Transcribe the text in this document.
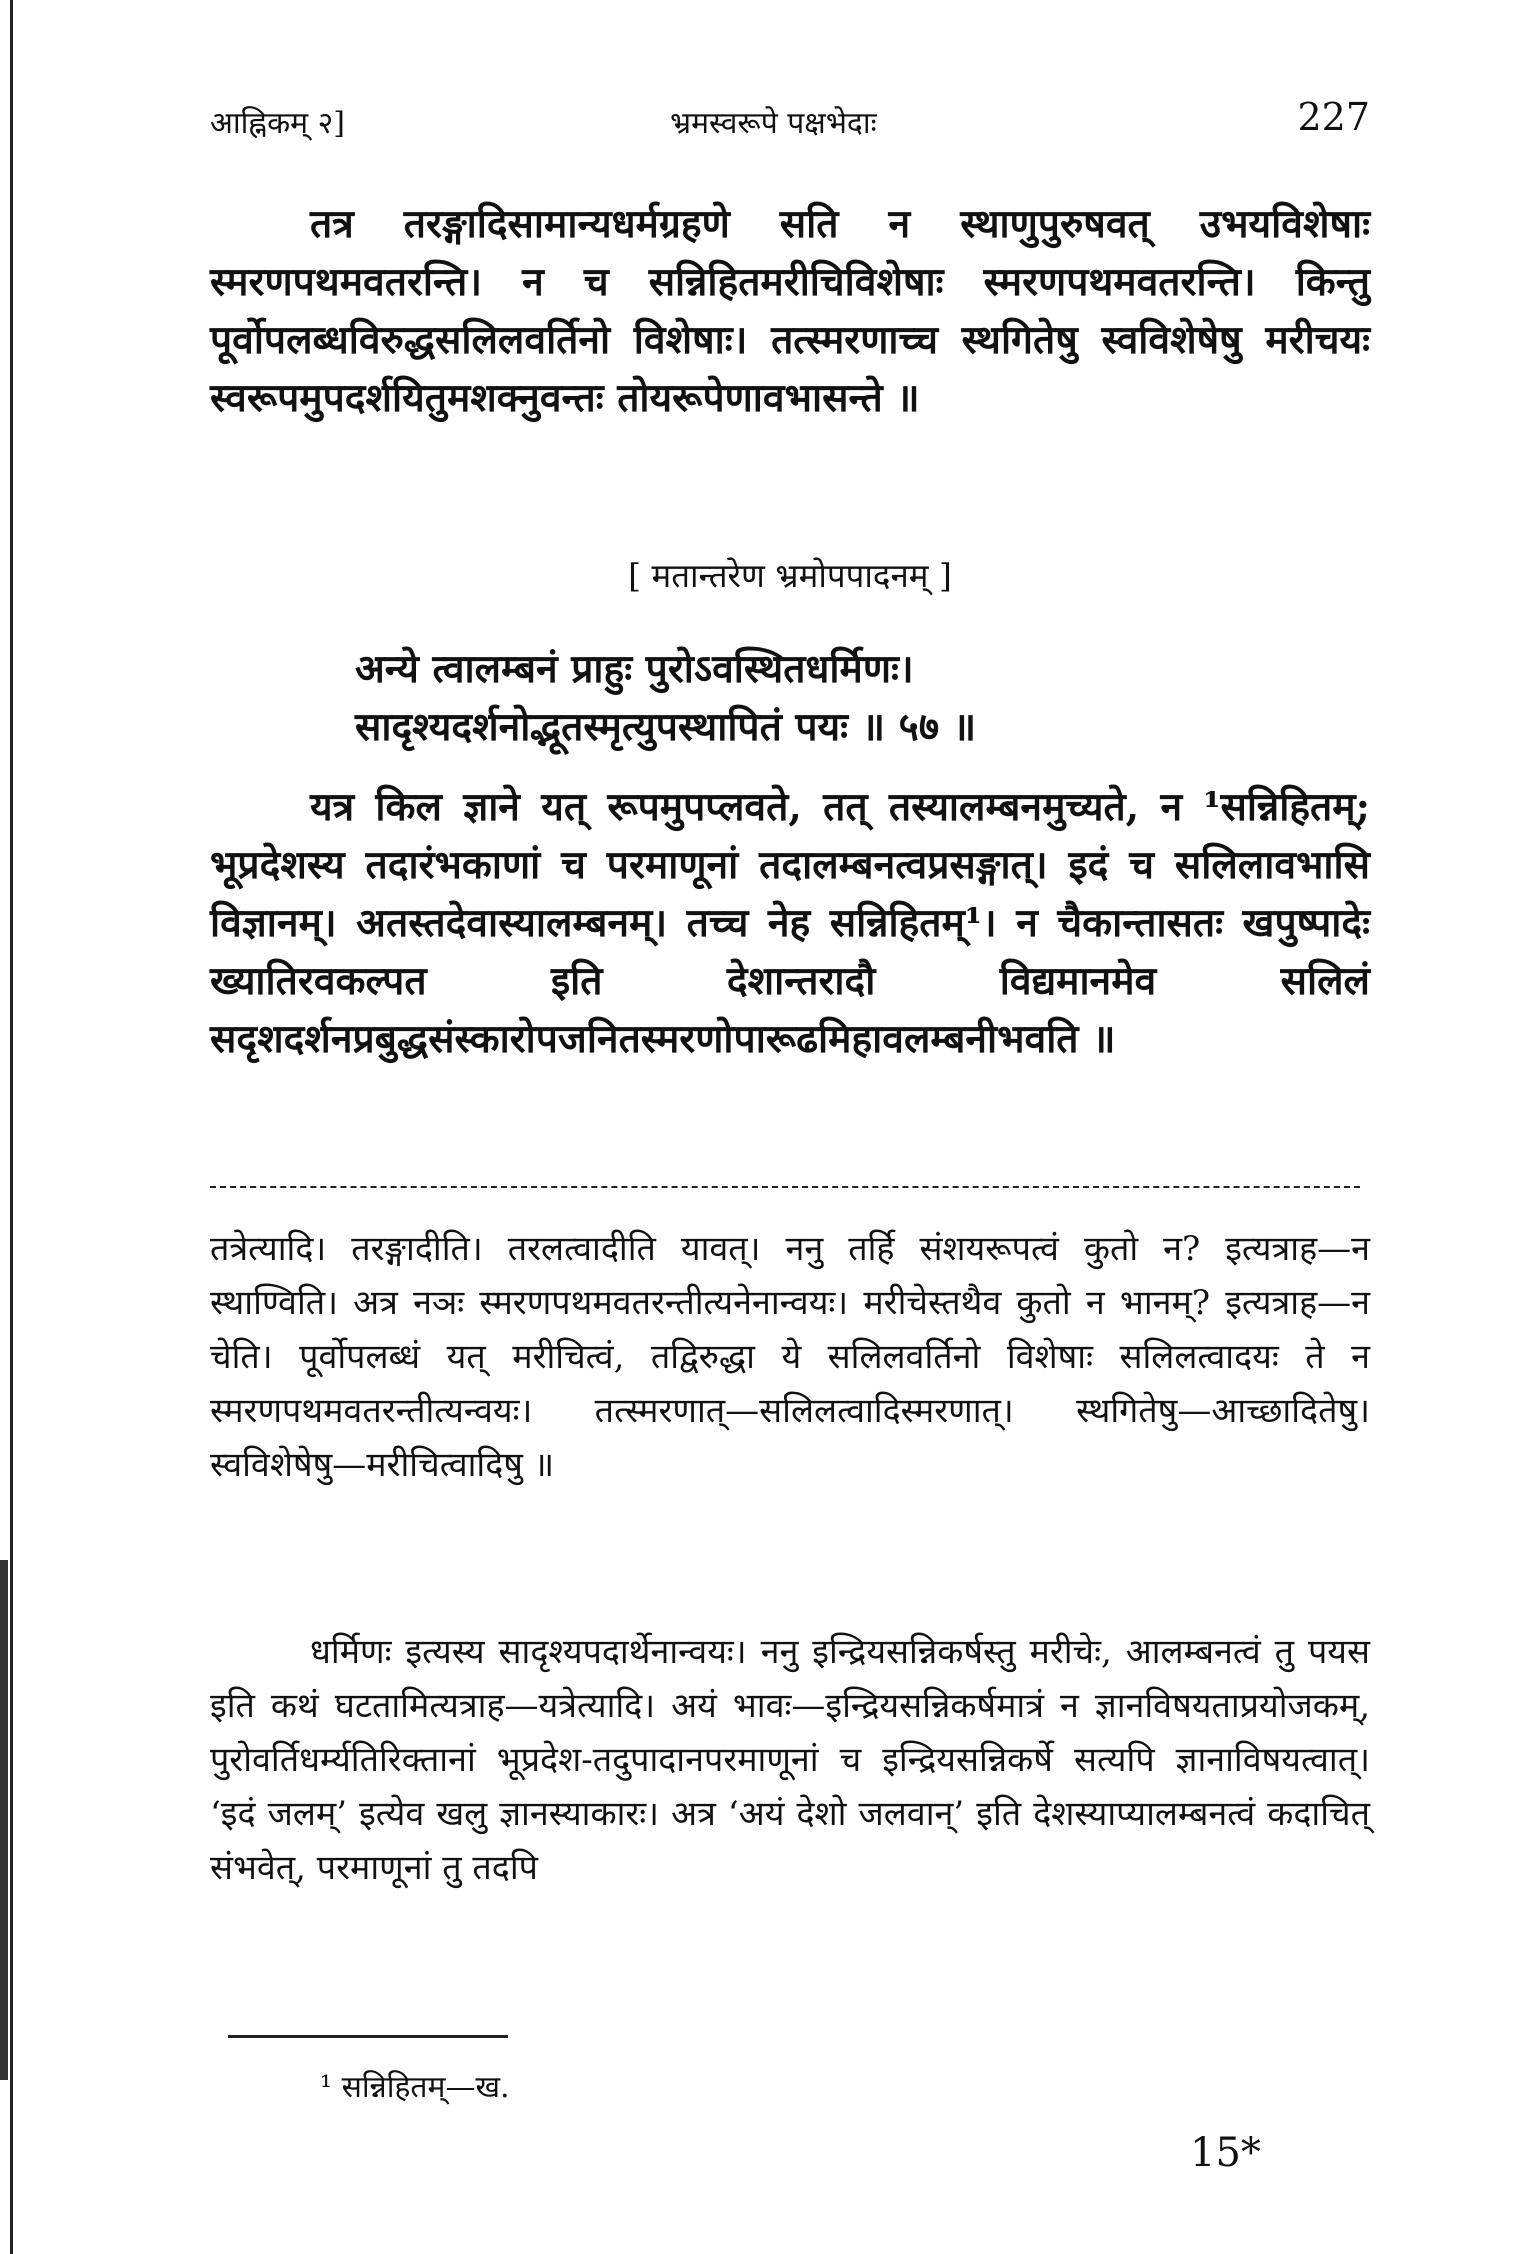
आह्निकम् २]	भ्रमस्वरूपे पक्षभेदाः	227
तत्र तरङ्गादिसामान्यधर्मग्रहणे सति न स्थाणुपुरुषवत् उभयविशेषाः स्मरणपथमवतरन्ति। न च सन्निहितमरीचिविशेषाः स्मरणपथमवतरन्ति। किन्तु पूर्वोपलब्धविरुद्धसलिलवर्तिनो विशेषाः। तत्स्मरणाच्च स्थगितेषु स्वविशेषेषु मरीचयः स्वरूपमुपदर्शयितुमशक्नुवन्तः तोयरूपेणावभासन्ते ॥
[ मतान्तरेण भ्रमोपपादनम् ]
अन्ये त्वालम्बनं प्राहुः पुरोऽवस्थितधर्मिणः।
सादृश्यदर्शनोद्भूतस्मृत्युपस्थापितं पयः ॥ ५७ ॥
यत्र किल ज्ञाने यत् रूपमुपप्लवते, तत् तस्यालम्बनमुच्यते, न ¹सन्निहितम्; भूप्रदेशस्य तदारंभकाणां च परमाणूनां तदालम्बनत्वप्रसङ्गात्। इदं च सलिलावभासि विज्ञानम्। अतस्तदेवास्यालम्बनम्। तच्च नेह सन्निहितम्¹। न चैकान्तासतः खपुष्पादेः ख्यातिरवकल्पत इति देशान्तरादौ विद्यमानमेव सलिलं सदृशदर्शनप्रबुद्धसंस्कारोपजनितस्मरणोपारूढमिहावलम्बनीभवति ॥
तत्रेत्यादि। तरङ्गादीति। तरलत्वादीति यावत्। ननु तर्हि संशयरूपत्वं कुतो न? इत्यत्राह—न स्थाण्विति। अत्र नञः स्मरणपथमवतरन्तीत्यनेनान्वयः। मरीचेस्तथैव कुतो न भानम्? इत्यत्राह—न चेति। पूर्वोपलब्धं यत् मरीचित्वं, तद्विरुद्धा ये सलिलवर्तिनो विशेषाः सलिलत्वादयः ते न स्मरणपथमवतरन्तीत्यन्वयः। तत्स्मरणात्—सलिलत्वादिस्मरणात्। स्थगितेषु—आच्छादितेषु। स्वविशेषेषु—मरीचित्वादिषु ॥
धर्मिणः इत्यस्य सादृश्यपदार्थेनान्वयः। ननु इन्द्रियसन्निकर्षस्तु मरीचेः, आलम्बनत्वं तु पयस इति कथं घटतामित्यत्राह—यत्रेत्यादि। अयं भावः—इन्द्रियसन्निकर्षमात्रं न ज्ञानविषयताप्रयोजकम्, पुरोवर्तिधर्म्यतिरिक्तानां भूप्रदेश-तदुपादानपरमाणूनां च इन्द्रियसन्निकर्षे सत्यपि ज्ञानाविषयत्वात्। ‘इदं जलम्’ इत्येव खलु ज्ञानस्याकारः। अत्र ‘अयं देशो जलवान्’ इति देशस्याप्यालम्बनत्वं कदाचित् संभवेत्, परमाणूनां तु तदपि
¹ सन्निहितम्—ख.
15*
